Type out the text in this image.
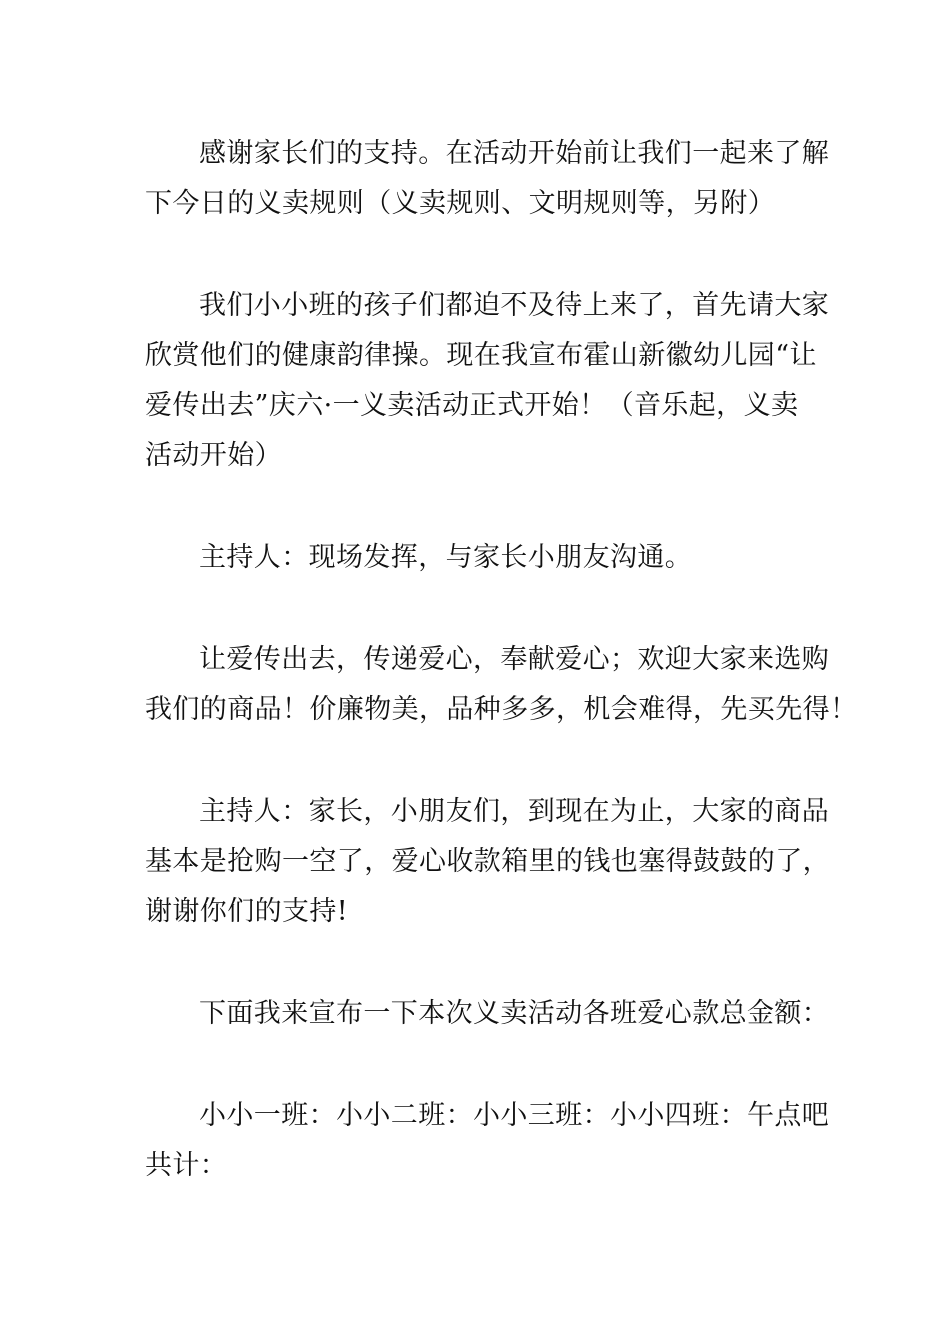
感谢家长们的支持。在活动开始前让我们一起来了解
下今日的义卖规则（义卖规则、文明规则等，另附）
我们小小班的孩子们都迫不及待上来了，首先请大家
欣赏他们的健康韵律操。现在我宣布霍山新徽幼儿园“让
爱传出去”庆六·一义卖活动正式开始！（音乐起，义卖
活动开始）
主持人：现场发挥，与家长小朋友沟通。
让爱传出去，传递爱心，奉献爱心；欢迎大家来选购
我们的商品！价廉物美，品种多多，机会难得，先买先得！
主持人：家长，小朋友们，到现在为止，大家的商品
基本是抢购一空了，爱心收款箱里的钱也塞得鼓鼓的了，
谢谢你们的支持!
下面我来宣布一下本次义卖活动各班爱心款总金额：
小小一班：小小二班：小小三班：小小四班：午点吧
共计：
